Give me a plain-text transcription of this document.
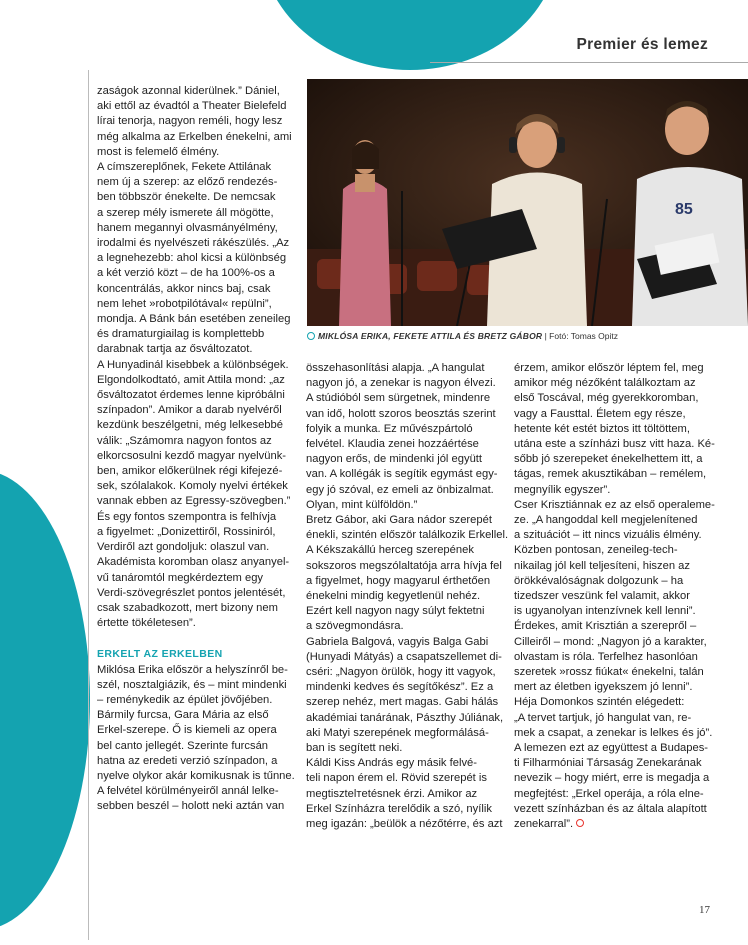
Premier és lemez
85
MIKLÓSA ERIKA, FEKETE ATTILA ÉS BRETZ GÁBOR | Fotó: Tomas Opitz
zaságok azonnal kiderülnek.” Dániel,
aki ettől az évadtól a Theater Bielefeld
lírai tenorja, nagyon reméli, hogy lesz
még alkalma az Erkelben énekelni, ami
most is felemelő élmény.
A címszereplőnek, Fekete Attilának
nem új a szerep: az előző rendezés-
ben többször énekelte. De nemcsak
a szerep mély ismerete áll mögötte,
hanem megannyi olvasmányélmény,
irodalmi és nyelvészeti rákészülés. „Az
a legnehezebb: ahol kicsi a különbség
a két verzió közt – de ha 100%-os a
koncentrálás, akkor nincs baj, csak
nem lehet »robotpilótával« repülni”,
mondja. A Bánk bán esetében zeneileg
és dramaturgiailag is komplettebb
darabnak tartja az ősváltozatot.
A Hunyadinál kisebbek a különbségek.
Elgondolkodtató, amit Attila mond: „az
ősváltozatot érdemes lenne kipróbálni
színpadon”. Amikor a darab nyelvéről
kezdünk beszélgetni, még lelkesebbé
válik: „Számomra nagyon fontos az
elkorcsosulni kezdő magyar nyelvünk-
ben, amikor előkerülnek régi kifejezé-
sek, szólalakok. Komoly nyelvi értékek
vannak ebben az Egressy-szövegben.”
És egy fontos szempontra is felhívja
a figyelmet: „Donizettiről, Rossiniról,
Verdiről azt gondoljuk: olaszul van.
Akadémista koromban olasz anyanyel-
vű tanáromtól megkérdeztem egy
Verdi-szövegrészlet pontos jelentését,
csak szabadkozott, mert bizony nem
értette tökéletesen”.
ERKELT AZ ERKELBEN
Miklósa Erika először a helyszínről be-
szél, nosztalgiázik, és – mint mindenki
– reménykedik az épület jövőjében.
Bármily furcsa, Gara Mária az első
Erkel-szerepe. Ő is kiemeli az opera
bel canto jellegét. Szerinte furcsán
hatna az eredeti verzió színpadon, a
nyelve olykor akár komikusnak is tűnne.
A felvétel körülményeiről annál lelke-
sebben beszél – holott neki aztán van
összehasonlítási alapja. „A hangulat
nagyon jó, a zenekar is nagyon élvezi.
A stúdióból sem sürgetnek, mindenre
van idő, holott szoros beosztás szerint
folyik a munka. Ez művészpártoló
felvétel. Klaudia zenei hozzáértése
nagyon erős, de mindenki jól együtt
van. A kollégák is segítik egymást egy-
egy jó szóval, ez emeli az önbizalmat.
Olyan, mint külföldön.”
Bretz Gábor, aki Gara nádor szerepét
énekli, szintén először találkozik Erkellel.
A Kékszakállú herceg szerepének
sokszoros megszólaltatója arra hívja fel
a figyelmet, hogy magyarul érthetően
énekelni mindig kegyetlenül nehéz.
Ezért kell nagyon nagy súlyt fektetni
a szövegmondásra.
Gabriela Balgová, vagyis Balga Gabi
(Hunyadi Mátyás) a csapatszellemet di-
cséri: „Nagyon örülök, hogy itt vagyok,
mindenki kedves és segítőkész”. Ez a
szerep nehéz, mert magas. Gabi hálás
akadémiai tanárának, Pászthy Júliának,
aki Matyi szerepének megformálásá-
ban is segített neki.
Káldi Kiss András egy másik felvé-
teli napon érem el. Rövid szerepét is
megtisztelтetésnek érzi. Amikor az
Erkel Színházra terelődik a szó, nyílik
meg igazán: „beülök a nézőtérre, és azt
érzem, amikor először léptem fel, meg
amikor még nézőként találkoztam az
első Toscával, még gyerekkoromban,
vagy a Fausttal. Életem egy része,
hetente két estét biztos itt töltöttem,
utána este a színházi busz vitt haza. Ké-
sőbb jó szerepeket énekelhettem itt, a
tágas, remek akusztikában – remélem,
megnyílik egyszer”.
Cser Krisztiánnak ez az első operaleme-
ze. „A hangoddal kell megjelenítened
a szituációt – itt nincs vizuális élmény.
Közben pontosan, zeneileg-tech-
nikailag jól kell teljesíteni, hiszen az
örökkévalóságnak dolgozunk – ha
tizedszer veszünk fel valamit, akkor
is ugyanolyan intenzívnek kell lenni”.
Érdekes, amit Krisztián a szerepről –
Cilleiről – mond: „Nagyon jó a karakter,
olvastam is róla. Terfelhez hasonlóan
szeretek »rossz fiúkat« énekelni, talán
mert az életben igyekszem jó lenni”.
Héja Domonkos szintén elégedett:
„A tervet tartjuk, jó hangulat van, re-
mek a csapat, a zenekar is lelkes és jó”.
A lemezen ezt az együttest a Budapes-
ti Filharmóniai Társaság Zenekarának
nevezik – hogy miért, erre is megadja a
megfejtést: „Erkel operája, a róla elne-
vezett színházban és az általa alapított
zenekarral”.
17
